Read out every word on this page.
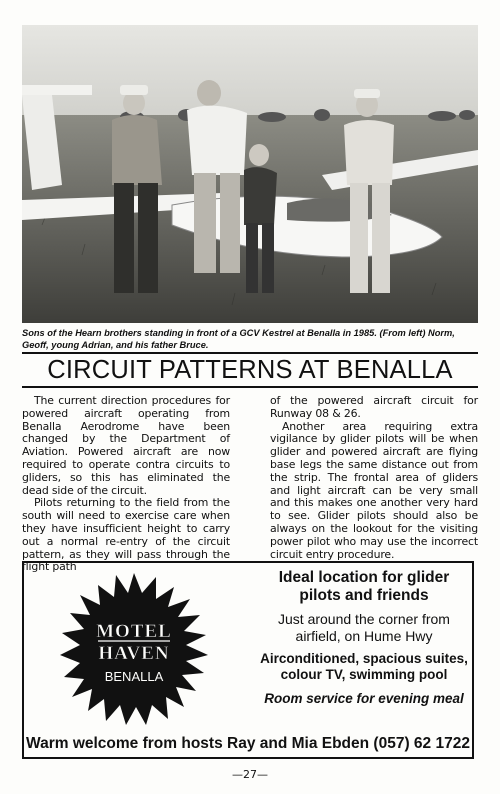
Sons of the Hearn brothers standing in front of a GCV Kestrel at Benalla in 1985. (From left) Norm, Geoff, young Adrian, and his father Bruce.
CIRCUIT PATTERNS AT BENALLA

The current direction procedures for powered aircraft operating from Benalla Aerodrome have been changed by the Department of Aviation. Powered aircraft are now required to operate contra circuits to gliders, so this has eliminated the dead side of the circuit.

Pilots returning to the field from the south will need to exercise care when they have insufficient height to carry out a normal re-entry of the circuit pattern, as they will pass through the flight path

of the powered aircraft circuit for Runway 08 & 26.

Another area requiring extra vigilance by glider pilots will be when glider and powered aircraft are flying base legs the same distance out from the strip. The frontal area of gliders and light aircraft can be very small and this makes one another very hard to see. Glider pilots should also be always on the lookout for the visiting power pilot who may use the incorrect circuit entry procedure.

MOTEL
HAVEN
BENALLA
Ideal location for glider pilots and friends
Just around the corner from airfield, on Hume Hwy
Airconditioned, spacious suites, colour TV, swimming pool
Room service for evening meal
Warm welcome from hosts Ray and Mia Ebden (057) 62 1722
—27—
